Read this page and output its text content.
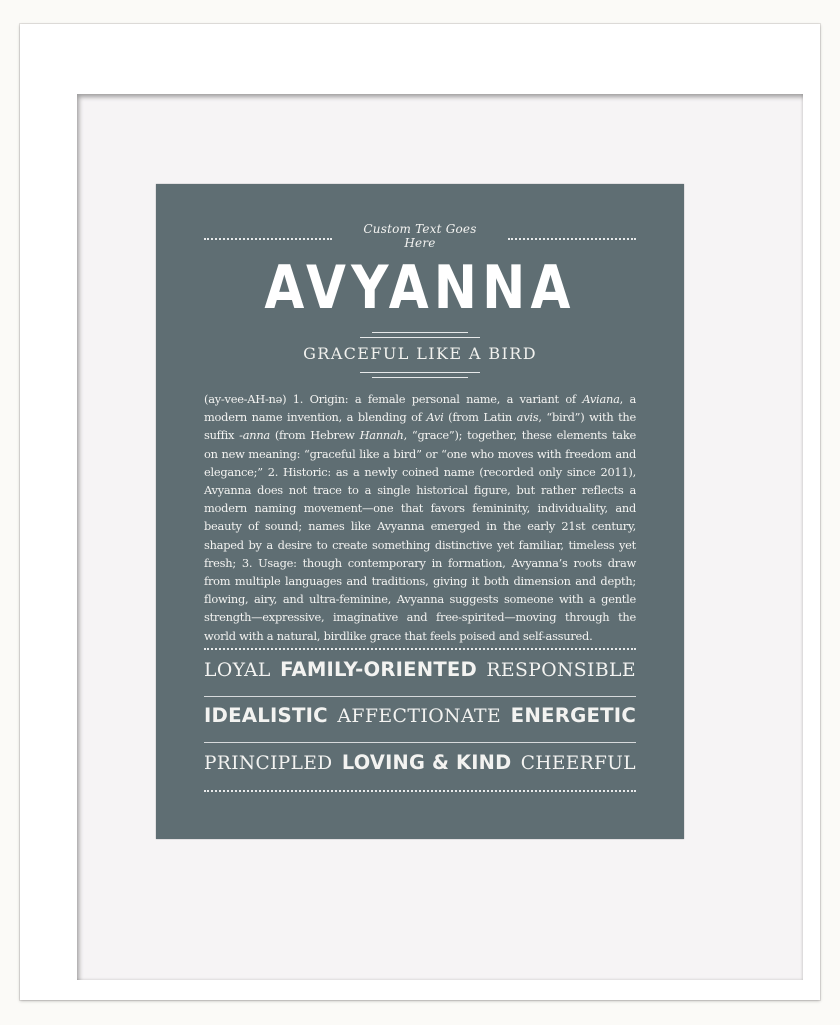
Custom Text Goes Here
AVYANNA
GRACEFUL LIKE A BIRD
(ay-vee-AH-nə) 1. Origin: a female personal name, a variant of Aviana, a modern name invention, a blending of Avi (from Latin avis, “bird”) with the suffix -anna (from Hebrew Hannah, “grace”); together, these elements take on new meaning: “graceful like a bird” or “one who moves with freedom and elegance;” 2. Historic: as a newly coined name (recorded only since 2011), Avyanna does not trace to a single historical figure, but rather reflects a modern naming movement—one that favors femininity, individuality, and beauty of sound; names like Avyanna emerged in the early 21st century, shaped by a desire to create something distinctive yet familiar, timeless yet fresh; 3. Usage: though contemporary in formation, Avyanna’s roots draw from multiple languages and traditions, giving it both dimension and depth; flowing, airy, and ultra-feminine, Avyanna suggests someone with a gentle strength—expressive, imaginative and free-spirited—moving through the world with a natural, birdlike grace that feels poised and self-assured.
LOYAL FAMILY-ORIENTED RESPONSIBLE
IDEALISTIC AFFECTIONATE ENERGETIC
PRINCIPLED LOVING & KIND CHEERFUL
